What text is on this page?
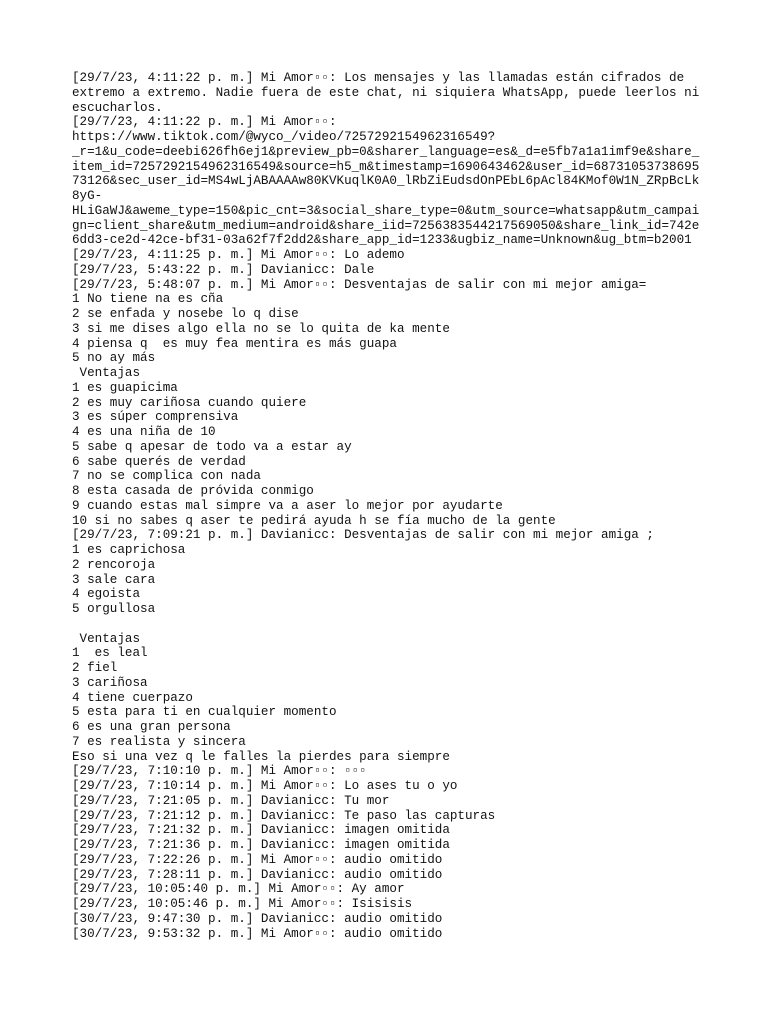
[29/7/23, 4:11:22 p. m.] Mi Amor▫▫: Los mensajes y las llamadas están cifrados de
extremo a extremo. Nadie fuera de este chat, ni siquiera WhatsApp, puede leerlos ni
escucharlos.
[29/7/23, 4:11:22 p. m.] Mi Amor▫▫:
https://www.tiktok.com/@wyco_/video/7257292154962316549?
_r=1&u_code=deebi626fh6ej1&preview_pb=0&sharer_language=es&_d=e5fb7a1a1imf9e&share_
item_id=7257292154962316549&source=h5_m&timestamp=1690643462&user_id=68731053738695
73126&sec_user_id=MS4wLjABAAAAw80KVKuqlK0A0_lRbZiEudsdOnPEbL6pAcl84KMof0W1N_ZRpBcLk
8yG-
HLiGaWJ&aweme_type=150&pic_cnt=3&social_share_type=0&utm_source=whatsapp&utm_campai
gn=client_share&utm_medium=android&share_iid=7256383544217569050&share_link_id=742e
6dd3-ce2d-42ce-bf31-03a62f7f2dd2&share_app_id=1233&ugbiz_name=Unknown&ug_btm=b2001
[29/7/23, 4:11:25 p. m.] Mi Amor▫▫: Lo ademo
[29/7/23, 5:43:22 p. m.] Davianicc: Dale
[29/7/23, 5:48:07 p. m.] Mi Amor▫▫: Desventajas de salir con mi mejor amiga=
1 No tiene na es cña
2 se enfada y nosebe lo q dise
3 si me dises algo ella no se lo quita de ka mente
4 piensa q  es muy fea mentira es más guapa
5 no ay más
Ventajas
1 es guapicima
2 es muy cariñosa cuando quiere
3 es súper comprensiva
4 es una niña de 10
5 sabe q apesar de todo va a estar ay
6 sabe querés de verdad
7 no se complica con nada
8 esta casada de próvida conmigo
9 cuando estas mal simpre va a aser lo mejor por ayudarte
10 si no sabes q aser te pedirá ayuda h se fía mucho de la gente
[29/7/23, 7:09:21 p. m.] Davianicc: Desventajas de salir con mi mejor amiga ;
1 es caprichosa
2 rencoroja
3 sale cara
4 egoista
5 orgullosa

Ventajas
1  es leal
2 fiel
3 cariñosa
4 tiene cuerpazo
5 esta para ti en cualquier momento
6 es una gran persona
7 es realista y sincera
Eso si una vez q le falles la pierdes para siempre
[29/7/23, 7:10:10 p. m.] Mi Amor▫▫: ▫▫▫
[29/7/23, 7:10:14 p. m.] Mi Amor▫▫: Lo ases tu o yo
[29/7/23, 7:21:05 p. m.] Davianicc: Tu mor
[29/7/23, 7:21:12 p. m.] Davianicc: Te paso las capturas
[29/7/23, 7:21:32 p. m.] Davianicc: imagen omitida
[29/7/23, 7:21:36 p. m.] Davianicc: imagen omitida
[29/7/23, 7:22:26 p. m.] Mi Amor▫▫: audio omitido
[29/7/23, 7:28:11 p. m.] Davianicc: audio omitido
[29/7/23, 10:05:40 p. m.] Mi Amor▫▫: Ay amor
[29/7/23, 10:05:46 p. m.] Mi Amor▫▫: Isisisis
[30/7/23, 9:47:30 p. m.] Davianicc: audio omitido
[30/7/23, 9:53:32 p. m.] Mi Amor▫▫: audio omitido
